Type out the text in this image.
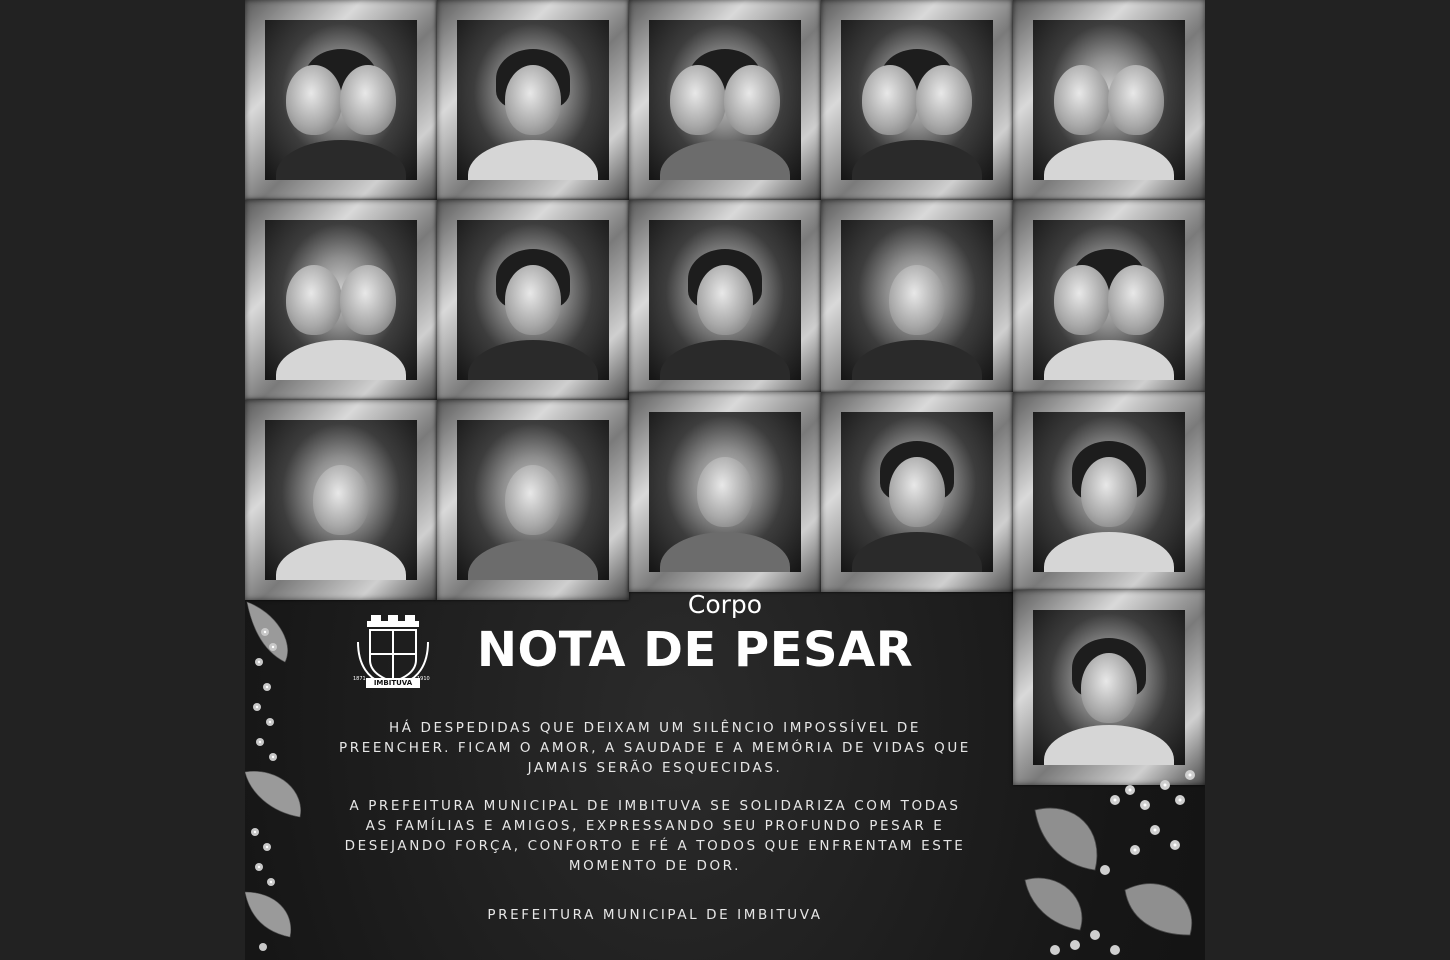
IMBITUVA
1871	1910
Corpo
NOTA DE PESAR
HÁ DESPEDIDAS QUE DEIXAM UM SILÊNCIO IMPOSSÍVEL DE PREENCHER. FICAM O AMOR, A SAUDADE E A MEMÓRIA DE VIDAS QUE JAMAIS SERÃO ESQUECIDAS.
A PREFEITURA MUNICIPAL DE IMBITUVA SE SOLIDARIZA COM TODAS AS FAMÍLIAS E AMIGOS, EXPRESSANDO SEU PROFUNDO PESAR E DESEJANDO FORÇA, CONFORTO E FÉ A TODOS QUE ENFRENTAM ESTE MOMENTO DE DOR.
PREFEITURA MUNICIPAL DE IMBITUVA
